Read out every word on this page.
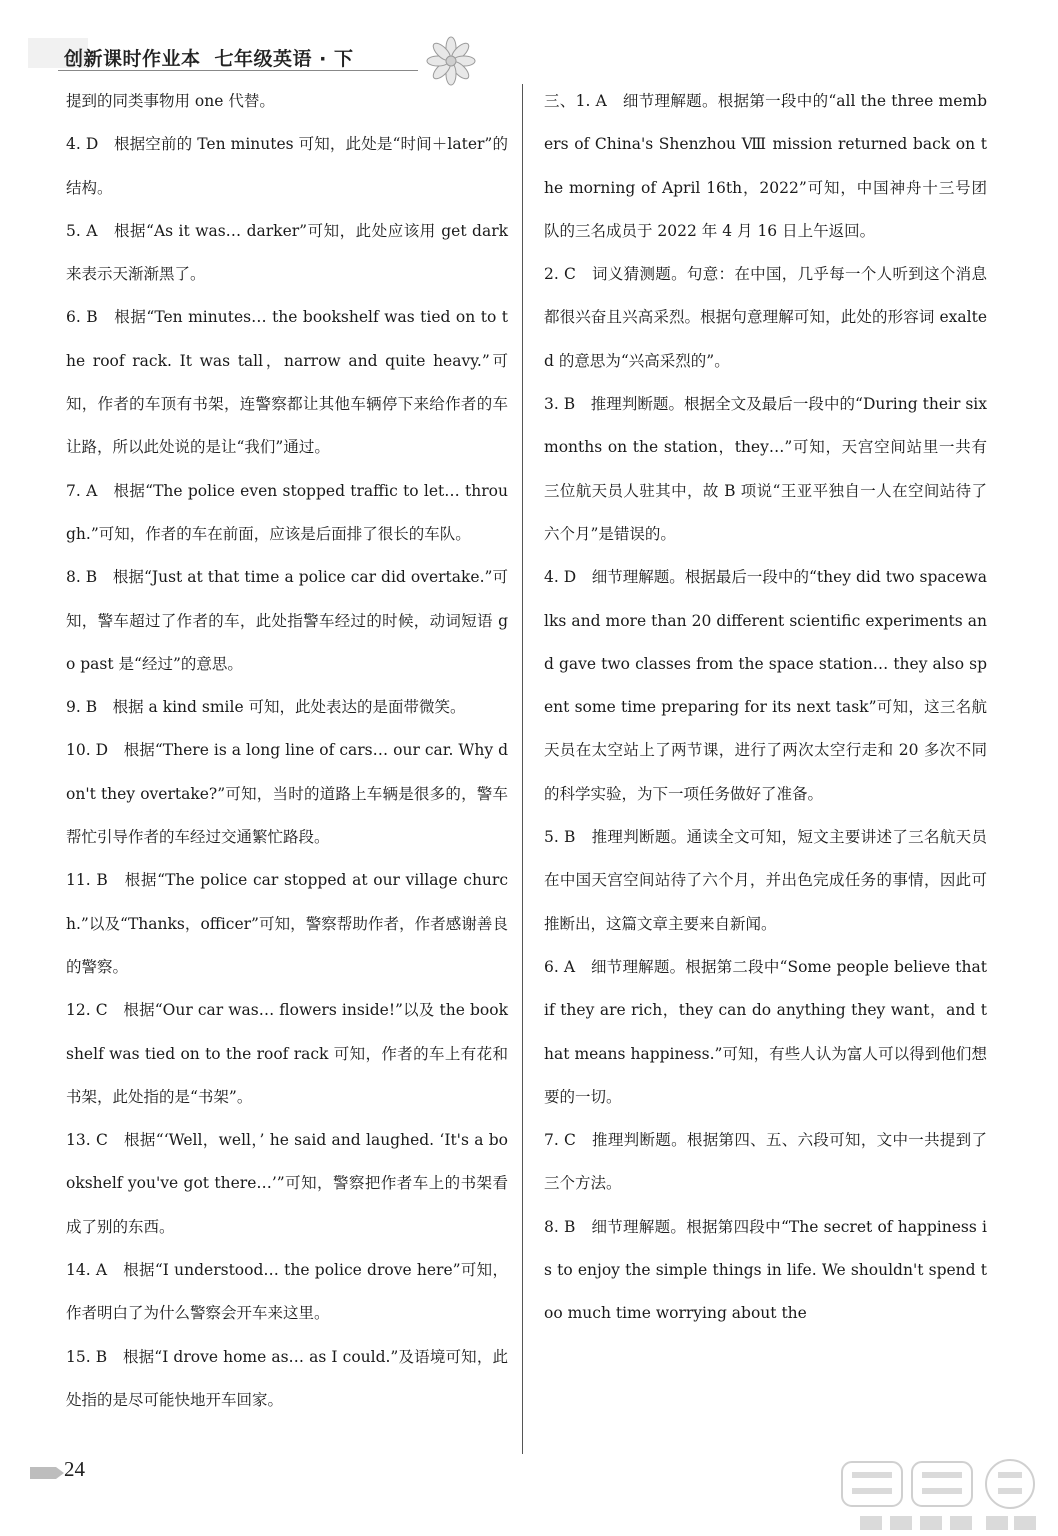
创新课时作业本 七年级英语 · 下

提到的同类事物用 one 代替。

4. D　根据空前的 Ten minutes 可知，此处是“时间＋later”的结构。

5. A　根据“As it was… darker”可知，此处应该用 get dark 来表示天渐渐黑了。

6. B　根据“Ten minutes… the bookshelf was tied on to the roof rack. It was tall，narrow and quite heavy.”可知，作者的车顶有书架，连警察都让其他车辆停下来给作者的车让路，所以此处说的是让“我们”通过。

7. A　根据“The police even stopped traffic to let… through.”可知，作者的车在前面，应该是后面排了很长的车队。

8. B　根据“Just at that time a police car did overtake.”可知，警车超过了作者的车，此处指警车经过的时候，动词短语 go past 是“经过”的意思。

9. B　根据 a kind smile 可知，此处表达的是面带微笑。

10. D　根据“There is a long line of cars… our car. Why don't they overtake?”可知，当时的道路上车辆是很多的，警车帮忙引导作者的车经过交通繁忙路段。

11. B　根据“The police car stopped at our village church.”以及“Thanks，officer”可知，警察帮助作者，作者感谢善良的警察。

12. C　根据“Our car was… flowers inside!”以及 the bookshelf was tied on to the roof rack 可知，作者的车上有花和书架，此处指的是“书架”。

13. C　根据“‘Well，well，’ he said and laughed. ‘It's a bookshelf you've got there…’”可知，警察把作者车上的书架看成了别的东西。

14. A　根据“I understood… the police drove here”可知，作者明白了为什么警察会开车来这里。

15. B　根据“I drove home as… as I could.”及语境可知，此处指的是尽可能快地开车回家。

三、1. A　细节理解题。根据第一段中的“all the three members of China's Shenzhou Ⅷ mission returned back on the morning of April 16th，2022”可知，中国神舟十三号团队的三名成员于 2022 年 4 月 16 日上午返回。

2. C　词义猜测题。句意：在中国，几乎每一个人听到这个消息都很兴奋且兴高采烈。根据句意理解可知，此处的形容词 exalted 的意思为“兴高采烈的”。

3. B　推理判断题。根据全文及最后一段中的“During their six months on the station，they…”可知，天宫空间站里一共有三位航天员人驻其中，故 B 项说“王亚平独自一人在空间站待了六个月”是错误的。

4. D　细节理解题。根据最后一段中的“they did two spacewalks and more than 20 different scientific experiments and gave two classes from the space station… they also spent some time preparing for its next task”可知，这三名航天员在太空站上了两节课，进行了两次太空行走和 20 多次不同的科学实验，为下一项任务做好了准备。

5. B　推理判断题。通读全文可知，短文主要讲述了三名航天员在中国天宫空间站待了六个月，并出色完成任务的事情，因此可推断出，这篇文章主要来自新闻。

6. A　细节理解题。根据第二段中“Some people believe that if they are rich，they can do anything they want，and that means happiness.”可知，有些人认为富人可以得到他们想要的一切。

7. C　推理判断题。根据第四、五、六段可知，文中一共提到了三个方法。

8. B　细节理解题。根据第四段中“The secret of happiness is to enjoy the simple things in life. We shouldn't spend too much time worrying about the

24
